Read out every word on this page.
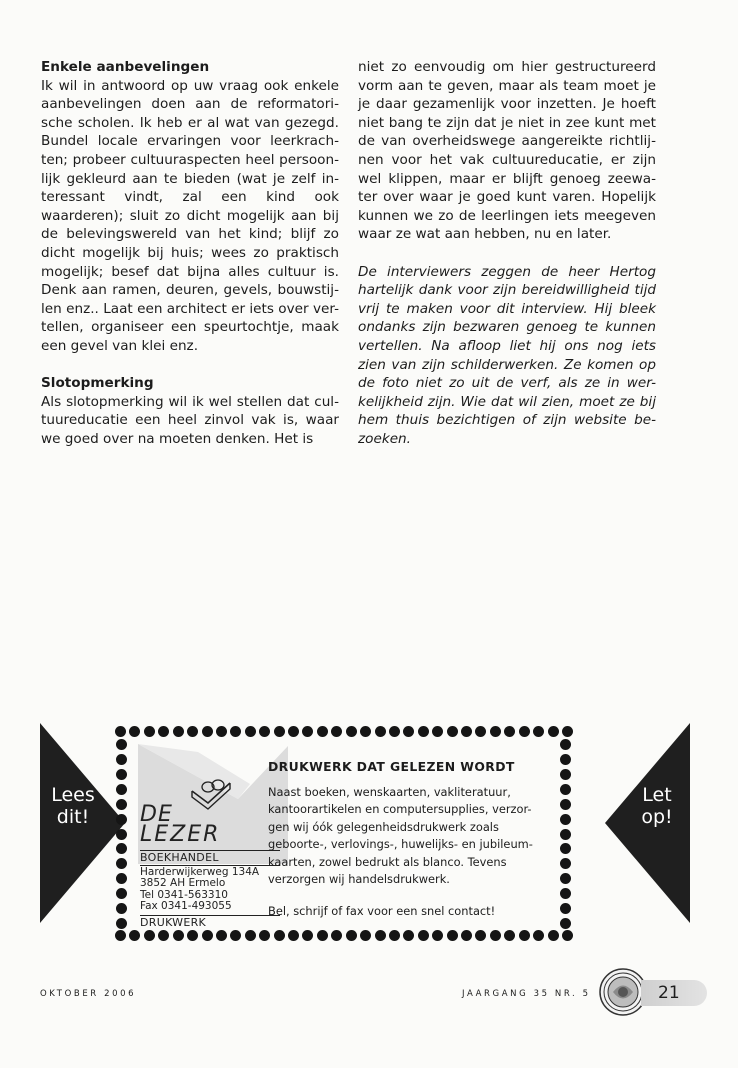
Enkele aanbevelingen

Ik wil in antwoord op uw vraag ook enkele aanbevelingen doen aan de reformatori-sche scholen. Ik heb er al wat van gezegd. Bundel locale ervaringen voor leerkrach-ten; probeer cultuuraspecten heel persoon-lijk gekleurd aan te bieden (wat je zelf in-teressant vindt, zal een kind ook waarderen); sluit zo dicht mogelijk aan bij de belevingswereld van het kind; blijf zo dicht mogelijk bij huis; wees zo praktisch mogelijk; besef dat bijna alles cultuur is. Denk aan ramen, deuren, gevels, bouwstij-len enz.. Laat een architect er iets over ver-tellen, organiseer een speurtochtje, maak een gevel van klei enz.

Slotopmerking

Als slotopmerking wil ik wel stellen dat cul-tuureducatie een heel zinvol vak is, waar we goed over na moeten denken. Het is

niet zo eenvoudig om hier gestructureerd vorm aan te geven, maar als team moet je je daar gezamenlijk voor inzetten. Je hoeft niet bang te zijn dat je niet in zee kunt met de van overheidswege aangereikte richtlij-nen voor het vak cultuureducatie, er zijn wel klippen, maar er blijft genoeg zeewa-ter over waar je goed kunt varen. Hopelijk kunnen we zo de leerlingen iets meegeven waar ze wat aan hebben, nu en later.

De interviewers zeggen de heer Hertog hartelijk dank voor zijn bereidwilligheid tijd vrij te maken voor dit interview. Hij bleek ondanks zijn bezwaren genoeg te kunnen vertellen. Na afloop liet hij ons nog iets zien van zijn schilderwerken. Ze komen op de foto niet zo uit de verf, als ze in wer-kelijkheid zijn. Wie dat wil zien, moet ze bij hem thuis bezichtigen of zijn website be-zoeken.

Lees dit!
Let op!
DE
LEZER
BOEKHANDEL
Harderwijkerweg 134A
3852 AH Ermelo
Tel 0341-563310
Fax 0341-493055
DRUKWERK
DRUKWERK DAT GELEZEN WORDT

Naast boeken, wenskaarten, vakliteratuur, kantoorartikelen en computersupplies, verzor-gen wij óók gelegenheidsdrukwerk zoals geboorte-, verlovings-, huwelijks- en jubileum-kaarten, zowel bedrukt als blanco. Tevens verzorgen wij handelsdrukwerk.

Bel, schrijf of fax voor een snel contact!
OKTOBER 2006	JAARGANG 35 NR. 5	21
